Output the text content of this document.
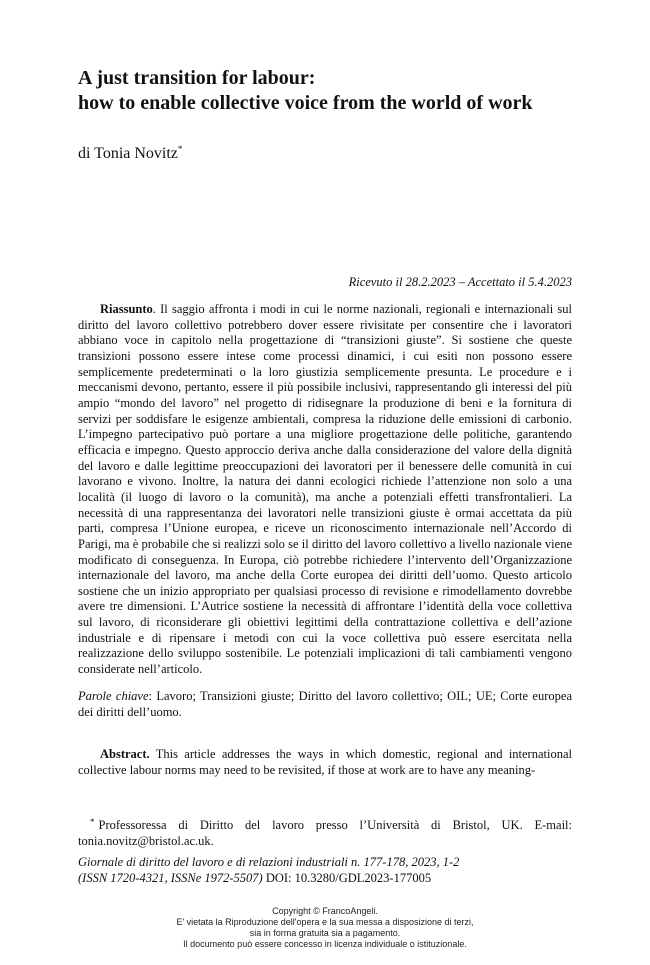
A just transition for labour:
how to enable collective voice from the world of work
di Tonia Novitz*
Ricevuto il 28.2.2023 – Accettato il 5.4.2023
Riassunto. Il saggio affronta i modi in cui le norme nazionali, regionali e internazionali sul diritto del lavoro collettivo potrebbero dover essere rivisitate per consentire che i lavoratori abbiano voce in capitolo nella progettazione di “transizioni giuste”. Si sostiene che queste transizioni possono essere intese come processi dinamici, i cui esiti non possono essere semplicemente predeterminati o la loro giustizia semplicemente presunta. Le procedure e i meccanismi devono, pertanto, essere il più possibile inclusivi, rappresentando gli interessi del più ampio “mondo del lavoro” nel progetto di ridisegnare la produzione di beni e la fornitura di servizi per soddisfare le esigenze ambientali, compresa la riduzione delle emissioni di carbonio. L’impegno partecipativo può portare a una migliore progettazione delle politiche, garantendo efficacia e impegno. Questo approccio deriva anche dalla considerazione del valore della dignità del lavoro e dalle legittime preoccupazioni dei lavoratori per il benessere delle comunità in cui lavorano e vivono. Inoltre, la natura dei danni ecologici richiede l’attenzione non solo a una località (il luogo di lavoro o la comunità), ma anche a potenziali effetti transfrontalieri. La necessità di una rappresentanza dei lavoratori nelle transizioni giuste è ormai accettata da più parti, compresa l’Unione europea, e riceve un riconoscimento internazionale nell’Accordo di Parigi, ma è probabile che si realizzi solo se il diritto del lavoro collettivo a livello nazionale viene modificato di conseguenza. In Europa, ciò potrebbe richiedere l’intervento dell’Organizzazione internazionale del lavoro, ma anche della Corte europea dei diritti dell’uomo. Questo articolo sostiene che un inizio appropriato per qualsiasi processo di revisione e rimodellamento dovrebbe avere tre dimensioni. L’Autrice sostiene la necessità di affrontare l’identità della voce collettiva sul lavoro, di riconsiderare gli obiettivi legittimi della contrattazione collettiva e dell’azione industriale e di ripensare i metodi con cui la voce collettiva può essere esercitata nella realizzazione dello sviluppo sostenibile. Le potenziali implicazioni di tali cambiamenti vengono considerate nell’articolo.
Parole chiave: Lavoro; Transizioni giuste; Diritto del lavoro collettivo; OIL; UE; Corte europea dei diritti dell’uomo.
Abstract. This article addresses the ways in which domestic, regional and international collective labour norms may need to be revisited, if those at work are to have any meaning-
* Professoressa di Diritto del lavoro presso l’Università di Bristol, UK. E-mail: tonia.novitz@bristol.ac.uk.
Giornale di diritto del lavoro e di relazioni industriali n. 177-178, 2023, 1-2
(ISSN 1720-4321, ISSNe 1972-5507) DOI: 10.3280/GDL2023-177005
Copyright © FrancoAngeli.
E' vietata la Riproduzione dell'opera e la sua messa a disposizione di terzi,
sia in forma gratuita sia a pagamento.
Il documento può essere concesso in licenza individuale o istituzionale.
